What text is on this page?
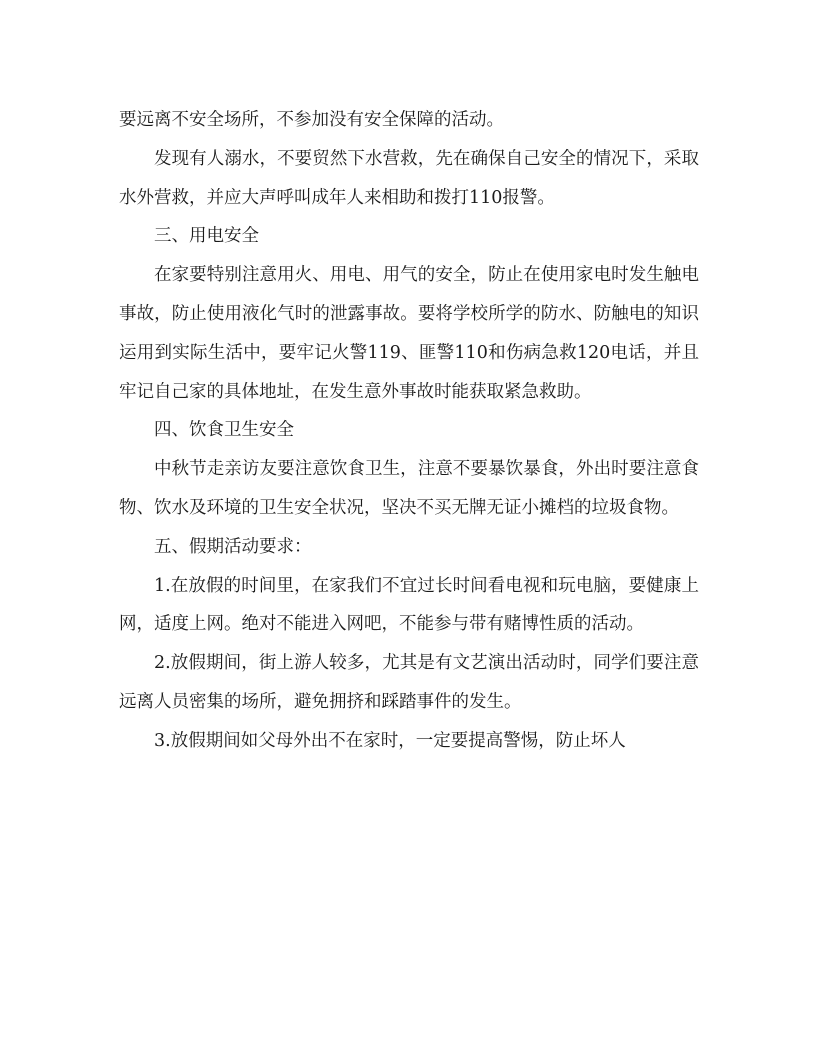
要远离不安全场所，不参加没有安全保障的活动。

发现有人溺水，不要贸然下水营救，先在确保自己安全的情况下，采取水外营救，并应大声呼叫成年人来相助和拨打110报警。

三、用电安全

在家要特别注意用火、用电、用气的安全，防止在使用家电时发生触电事故，防止使用液化气时的泄露事故。要将学校所学的防水、防触电的知识运用到实际生活中，要牢记火警119、匪警110和伤病急救120电话，并且牢记自己家的具体地址，在发生意外事故时能获取紧急救助。

四、饮食卫生安全

中秋节走亲访友要注意饮食卫生，注意不要暴饮暴食，外出时要注意食物、饮水及环境的卫生安全状况，坚决不买无牌无证小摊档的垃圾食物。

五、假期活动要求：

1.在放假的时间里，在家我们不宜过长时间看电视和玩电脑，要健康上网，适度上网。绝对不能进入网吧，不能参与带有赌博性质的活动。

2.放假期间，街上游人较多，尤其是有文艺演出活动时，同学们要注意远离人员密集的场所，避免拥挤和踩踏事件的发生。

3.放假期间如父母外出不在家时，一定要提高警惕，防止坏人
